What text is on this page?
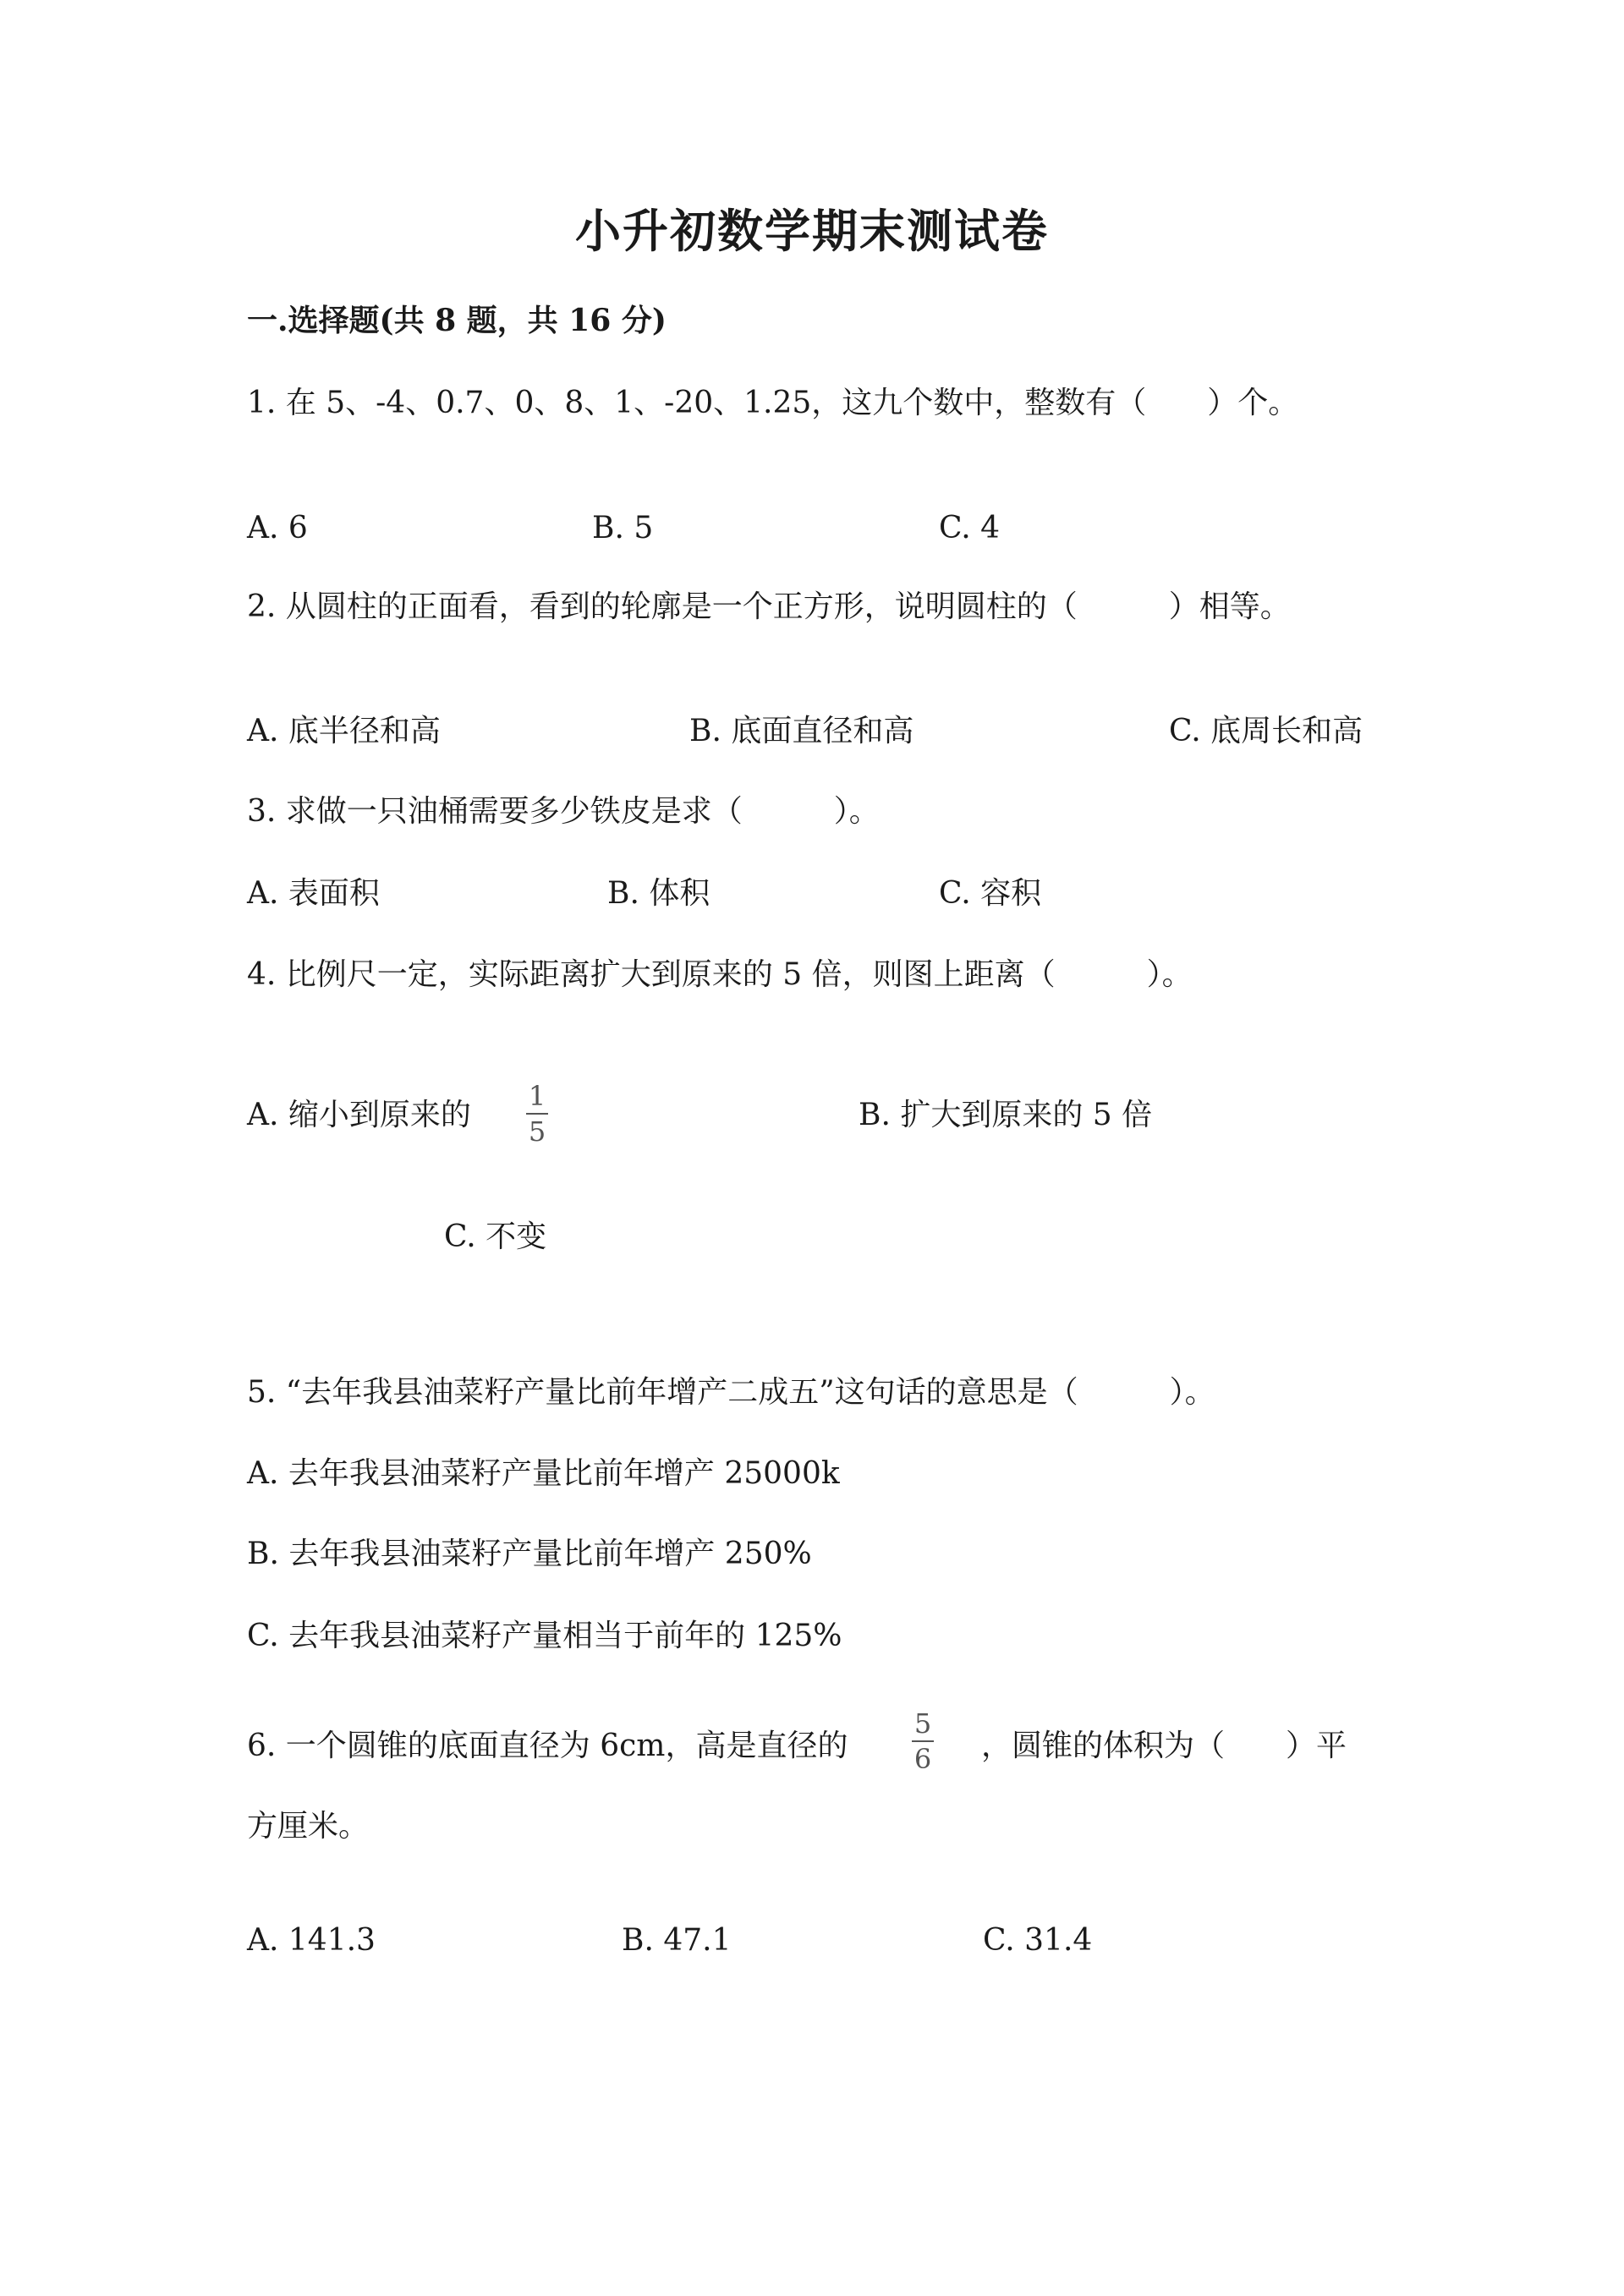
小升初数学期末测试卷
一.选择题(共 8 题，共 16 分)
1. 在 5、-4、0.7、0、8、1、-20、1.25，这九个数中，整数有（　　）个。
A. 6	B. 5	C. 4
2. 从圆柱的正面看，看到的轮廓是一个正方形，说明圆柱的（　　　）相等。
A. 底半径和高	B. 底面直径和高	C. 底周长和高
3. 求做一只油桶需要多少铁皮是求（　　　）。
A. 表面积	B. 体积	C. 容积
4. 比例尺一定，实际距离扩大到原来的 5 倍，则图上距离（　　　）。
A. 缩小到原来的
1
5	B. 扩大到原来的 5 倍
C. 不变
5. “去年我县油菜籽产量比前年增产二成五”这句话的意思是（　　　）。
A. 去年我县油菜籽产量比前年增产 25000k
B. 去年我县油菜籽产量比前年增产 250%
C. 去年我县油菜籽产量相当于前年的 125%
6. 一个圆锥的底面直径为 6cm，高是直径的
5
6 ，圆锥的体积为（　　）平
方厘米。
A. 141.3	B. 47.1	C. 31.4
